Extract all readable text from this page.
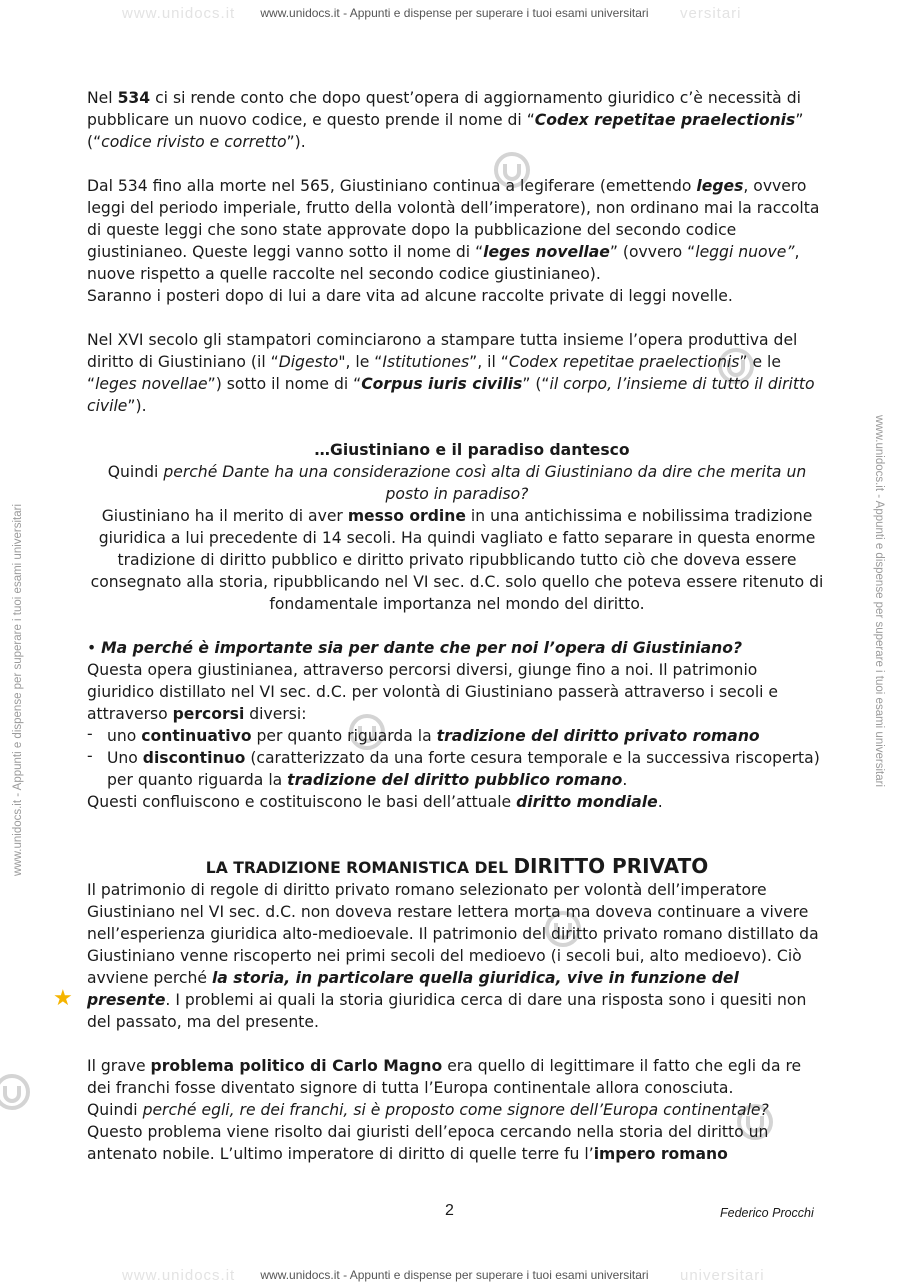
www.unidocs.it	www.unidocs.it - Appunti e dispense per superare i tuoi esami universitari	versitari
www.unidocs.it - Appunti e dispense per superare i tuoi esami universitari	www.unidocs.it - Appunti e dispense per superare i tuoi esami universitari

Nel 534 ci si rende conto che dopo quest’opera di aggiornamento giuridico c’è necessità di pubblicare un nuovo codice, e questo prende il nome di “Codex repetitae praelectionis” (“codice rivisto e corretto”).

Dal 534 fino alla morte nel 565, Giustiniano continua a legiferare (emettendo leges, ovvero leggi del periodo imperiale, frutto della volontà dell’imperatore), non ordinano mai la raccolta di queste leggi che sono state approvate dopo la pubblicazione del secondo codice giustinianeo. Queste leggi vanno sotto il nome di “leges novellae” (ovvero “leggi nuove”, nuove rispetto a quelle raccolte nel secondo codice giustinianeo).
Saranno i posteri dopo di lui a dare vita ad alcune raccolte private di leggi novelle.

Nel XVI secolo gli stampatori cominciarono a stampare tutta insieme l’opera produttiva del diritto di Giustiniano (il “Digesto", le “Istitutiones”, il “Codex repetitae praelectionis” e le “leges novellae”) sotto il nome di “Corpus iuris civilis” (“il corpo, l’insieme di tutto il diritto civile”).

…Giustiniano e il paradiso dantesco
Quindi perché Dante ha una considerazione così alta di Giustiniano da dire che merita un posto in paradiso?
Giustiniano ha il merito di aver messo ordine in una antichissima e nobilissima tradizione giuridica a lui precedente di 14 secoli. Ha quindi vagliato e fatto separare in questa enorme tradizione di diritto pubblico e diritto privato ripubblicando tutto ciò che doveva essere consegnato alla storia, ripubblicando nel VI sec. d.C. solo quello che poteva essere ritenuto di fondamentale importanza nel mondo del diritto.

• Ma perché è importante sia per dante che per noi l’opera di Giustiniano?

Questa opera giustinianea, attraverso percorsi diversi, giunge fino a noi. Il patrimonio giuridico distillato nel VI sec. d.C. per volontà di Giustiniano passerà attraverso i secoli e attraverso percorsi diversi:

- uno continuativo per quanto riguarda la tradizione del diritto privato romano
- Uno discontinuo (caratterizzato da una forte cesura temporale e la successiva riscoperta) per quanto riguarda la tradizione del diritto pubblico romano.

Questi confluiscono e costituiscono le basi dell’attuale diritto mondiale.

LA TRADIZIONE ROMANISTICA DEL DIRITTO PRIVATO

Il patrimonio di regole di diritto privato romano selezionato per volontà dell’imperatore Giustiniano nel VI sec. d.C. non doveva restare lettera morta ma doveva continuare a vivere nell’esperienza giuridica alto-medioevale. Il patrimonio del diritto privato romano distillato da Giustiniano venne riscoperto nei primi secoli del medioevo (i secoli bui, alto medioevo). Ciò avviene perché la storia, in particolare quella giuridica, vive in funzione del presente. I problemi ai quali la storia giuridica cerca di dare una risposta sono i quesiti non del passato, ma del presente.

Il grave problema politico di Carlo Magno era quello di legittimare il fatto che egli da re dei franchi fosse diventato signore di tutta l’Europa continentale allora conosciuta.
Quindi perché egli, re dei franchi, si è proposto come signore dell’Europa continentale?
Questo problema viene risolto dai giuristi dell’epoca cercando nella storia del diritto un antenato nobile. L’ultimo imperatore di diritto di quelle terre fu l’impero romano

★
2	Federico Procchi
www.unidocs.it	www.unidocs.it - Appunti e dispense per superare i tuoi esami universitari	universitari
